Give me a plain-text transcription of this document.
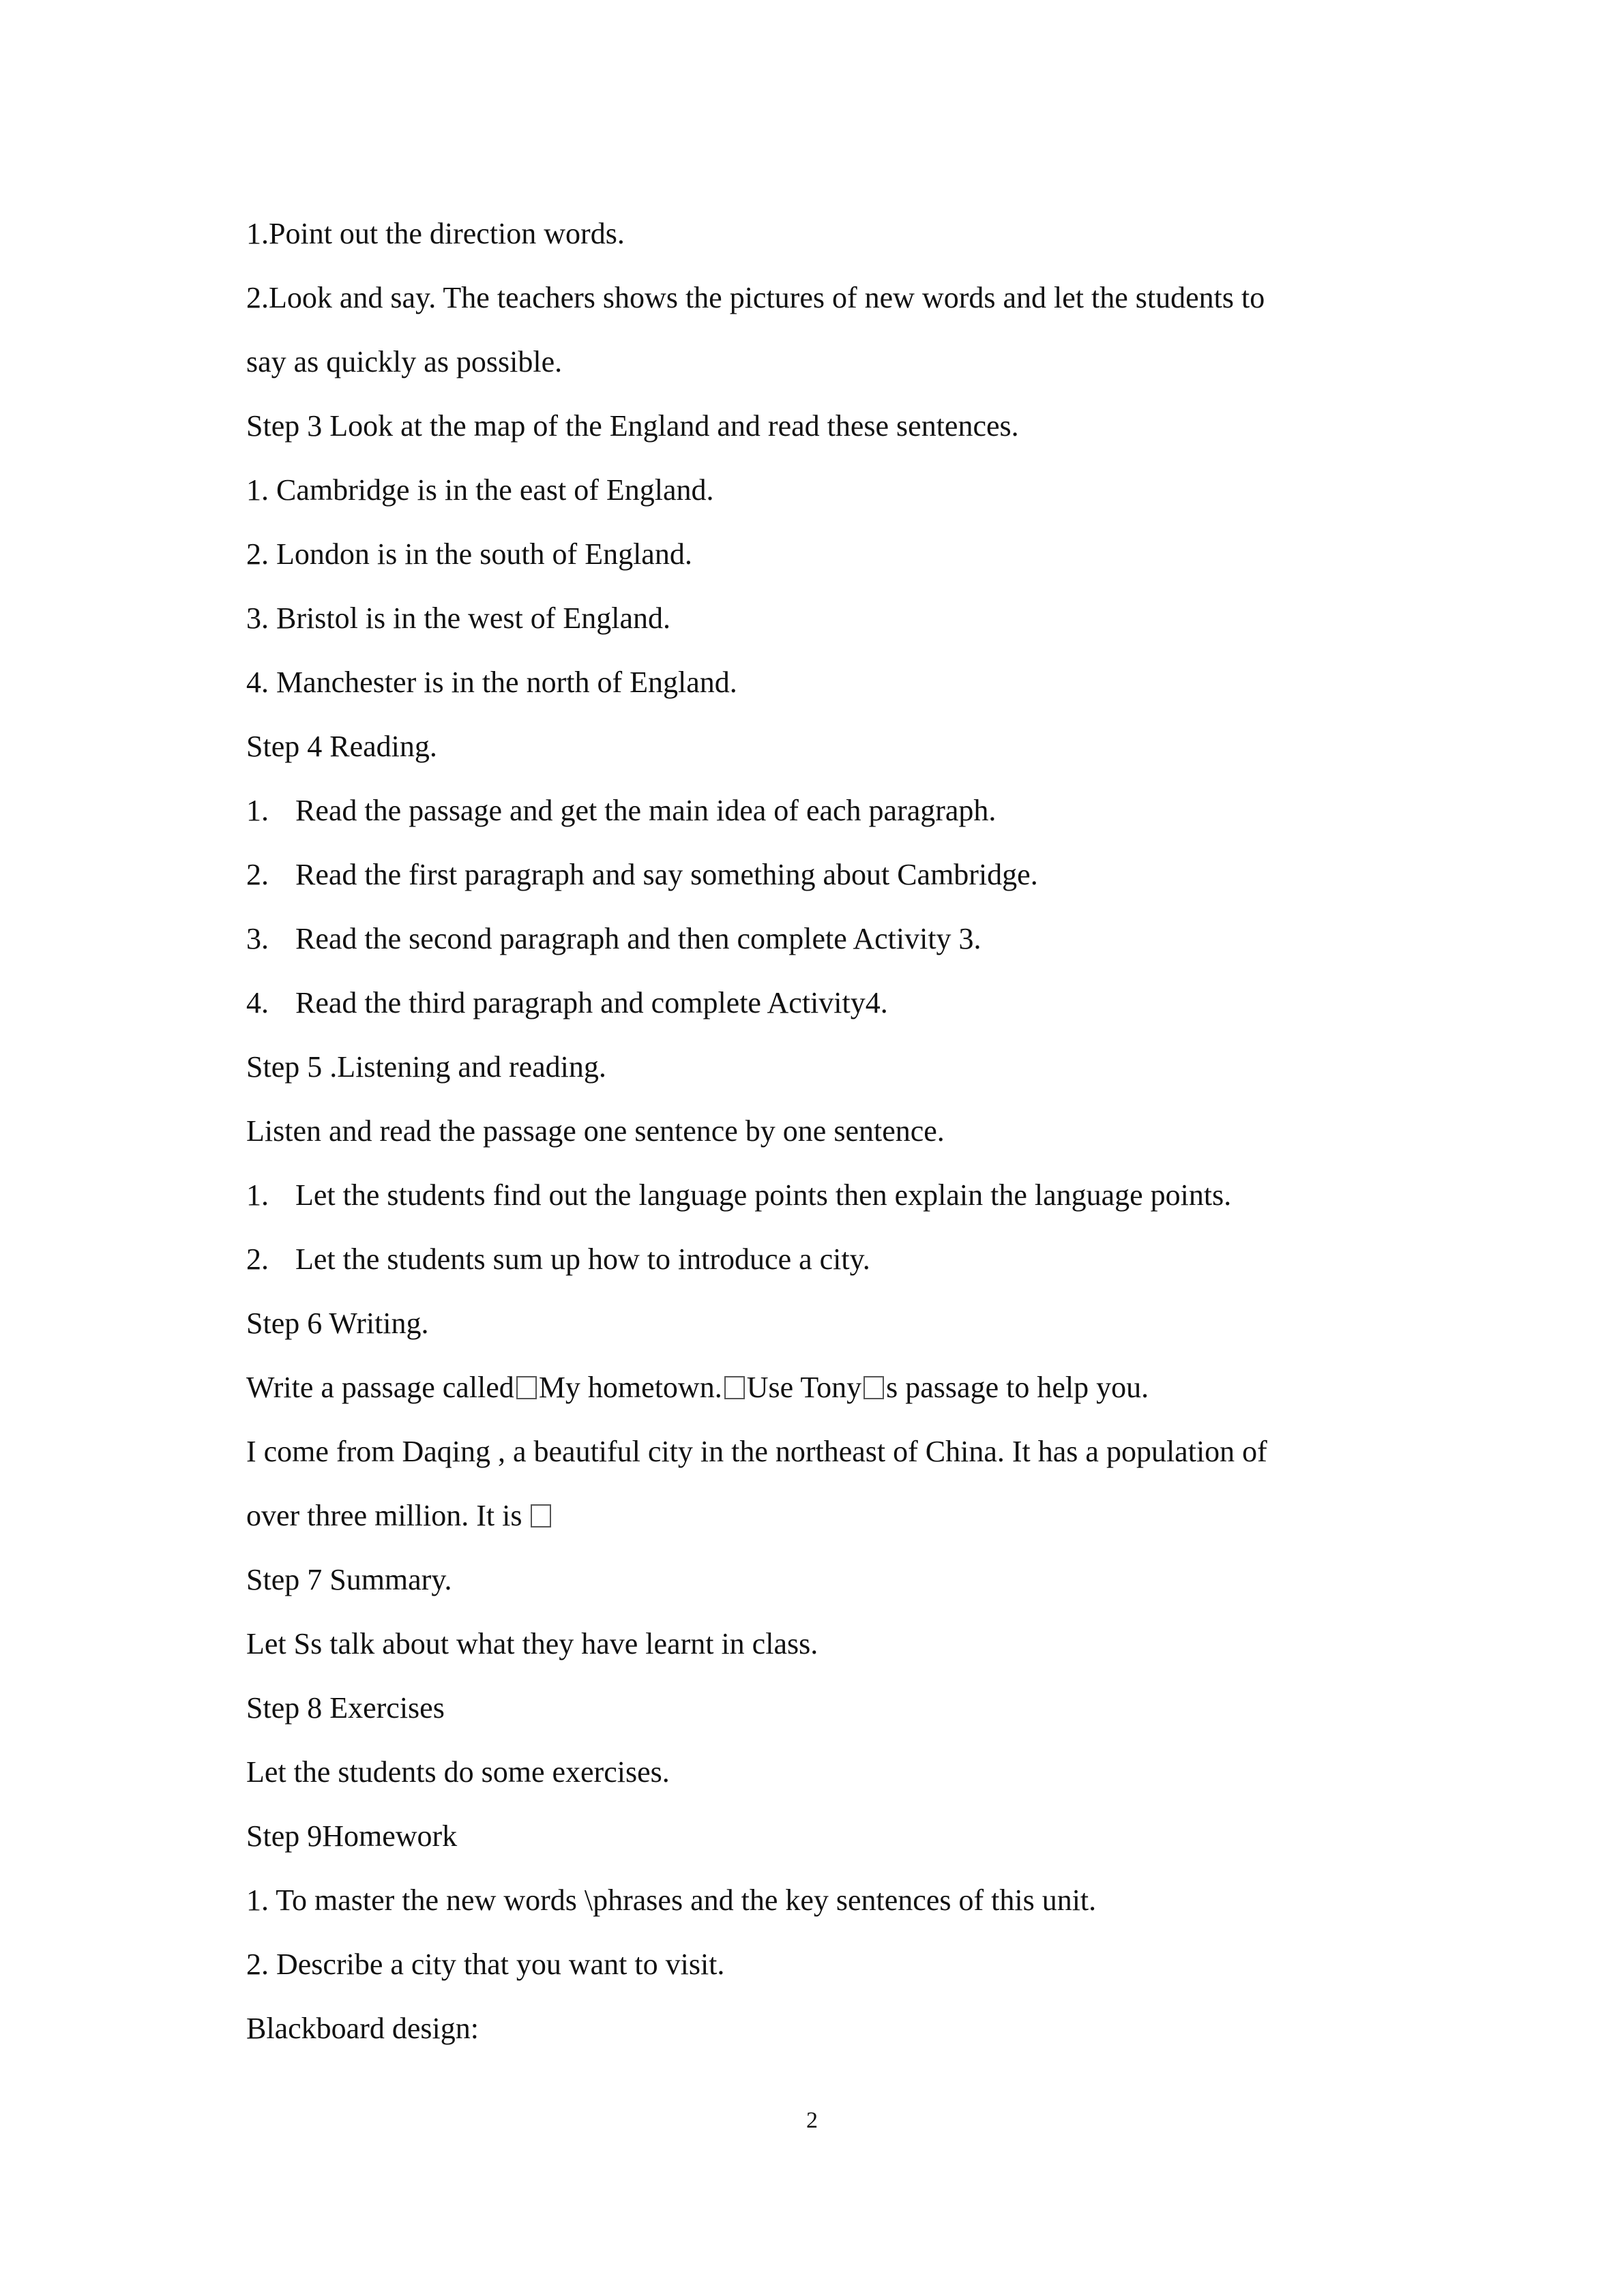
1.Point out the direction words.
2.Look and say. The teachers shows the pictures of new words and let the students to
say as quickly as possible.
Step 3 Look at the map of the England and read these sentences.
1. Cambridge is in the east of England.
2. London is in the south of England.
3. Bristol is in the west of England.
4. Manchester is in the north of England.
Step 4 Reading.
1. Read the passage and get the main idea of each paragraph.
2. Read the first paragraph and say something about Cambridge.
3. Read the second paragraph and then complete Activity 3.
4. Read the third paragraph and complete Activity4.
Step 5 .Listening and reading.
Listen and read the passage one sentence by one sentence.
1. Let the students find out the language points then explain the language points.
2. Let the students sum up how to introduce a city.
Step 6 Writing.
Write a passage called My hometown. Use Tony s passage to help you.
I come from Daqing , a beautiful city in the northeast of China. It has a population of
over three million. It is
Step 7 Summary.
Let Ss talk about what they have learnt in class.
Step 8 Exercises
Let the students do some exercises.
Step 9Homework
1. To master the new words \phrases and the key sentences of this unit.
2. Describe a city that you want to visit.
Blackboard design:
2
